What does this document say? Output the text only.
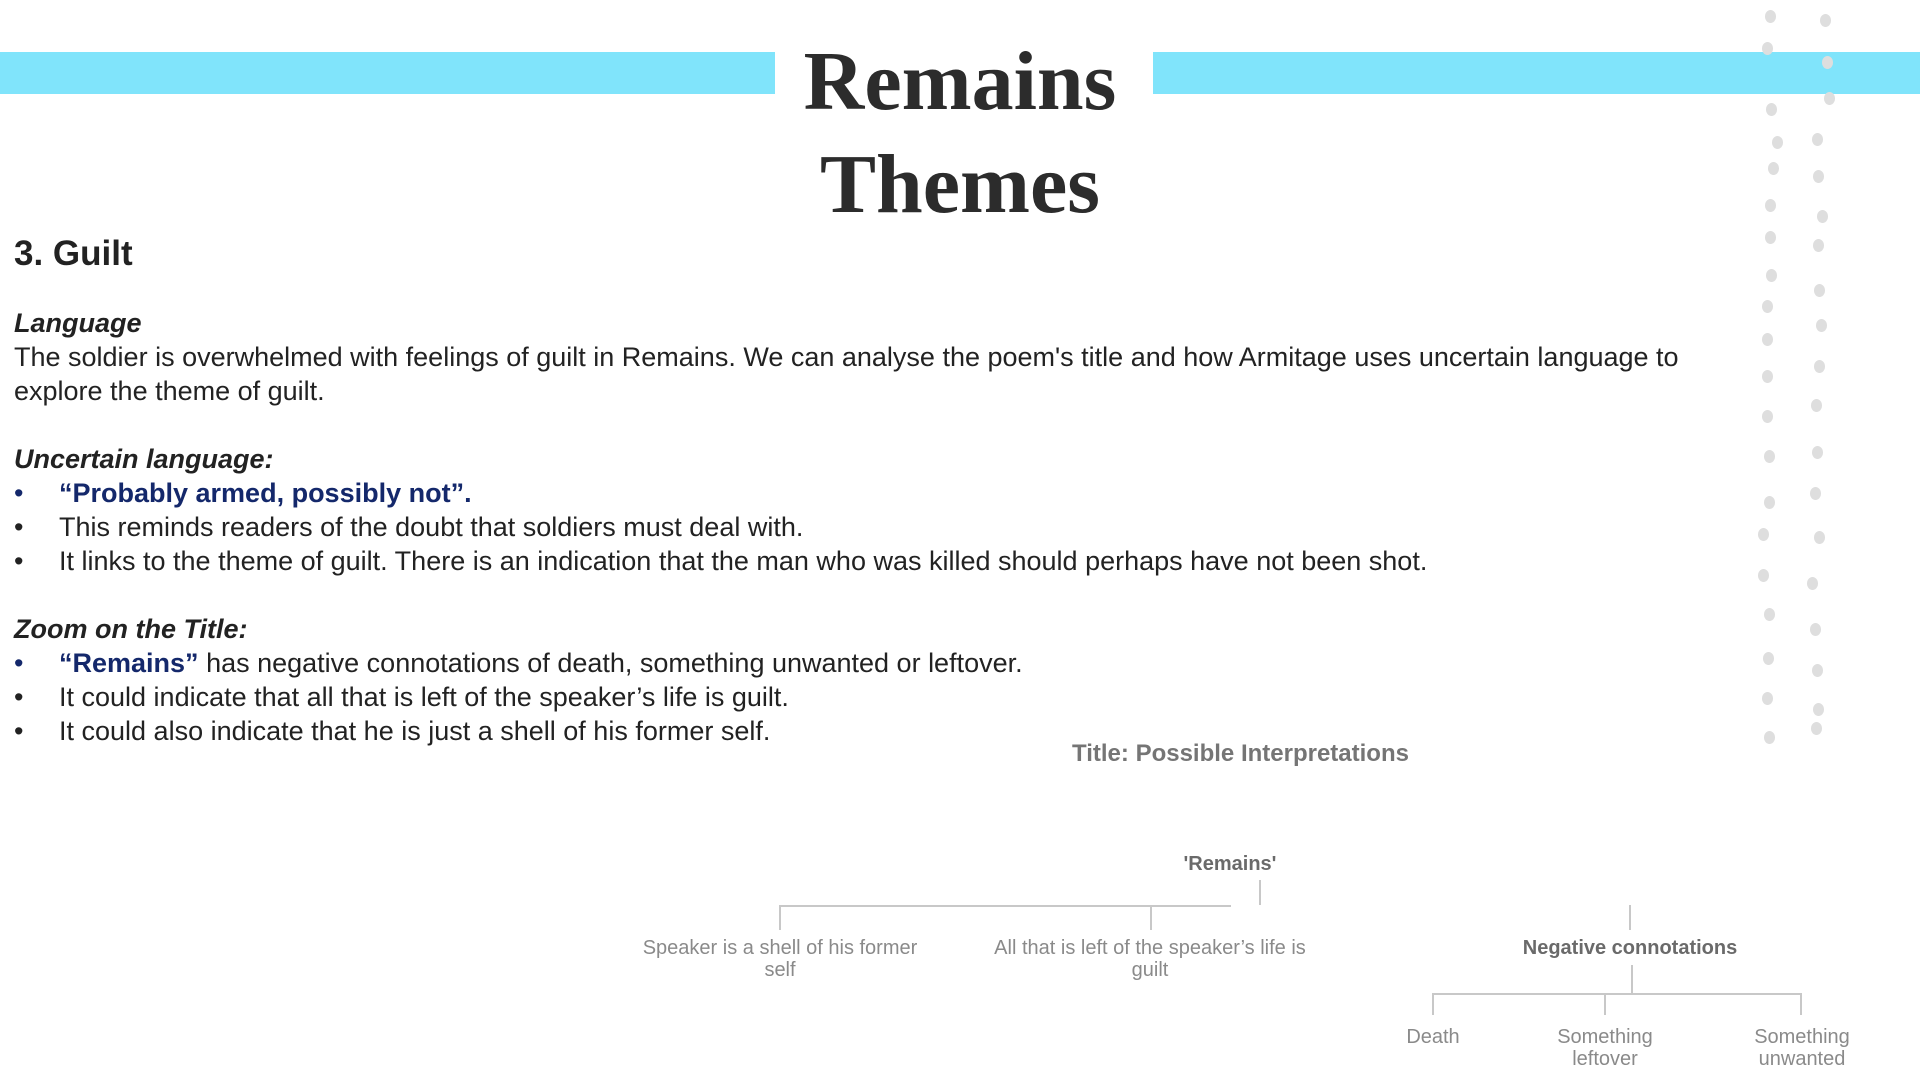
Remains
Themes
3. Guilt
Language

The soldier is overwhelmed with feelings of guilt in Remains. We can analyse the poem's title and how Armitage uses uncertain language to explore the theme of guilt.

Uncertain language:
• “Probably armed, possibly not”.
• This reminds readers of the doubt that soldiers must deal with.
• It links to the theme of guilt. There is an indication that the man who was killed should perhaps have not been shot.
Zoom on the Title:
• “Remains” has negative connotations of death, something unwanted or leftover.
• It could indicate that all that is left of the speaker’s life is guilt.
• It could also indicate that he is just a shell of his former self.
Title: Possible Interpretations
'Remains'
Speaker is a shell of his former self
All that is left of the speaker’s life is guilt
Negative connotations
Death	Something leftover
Something unwanted
